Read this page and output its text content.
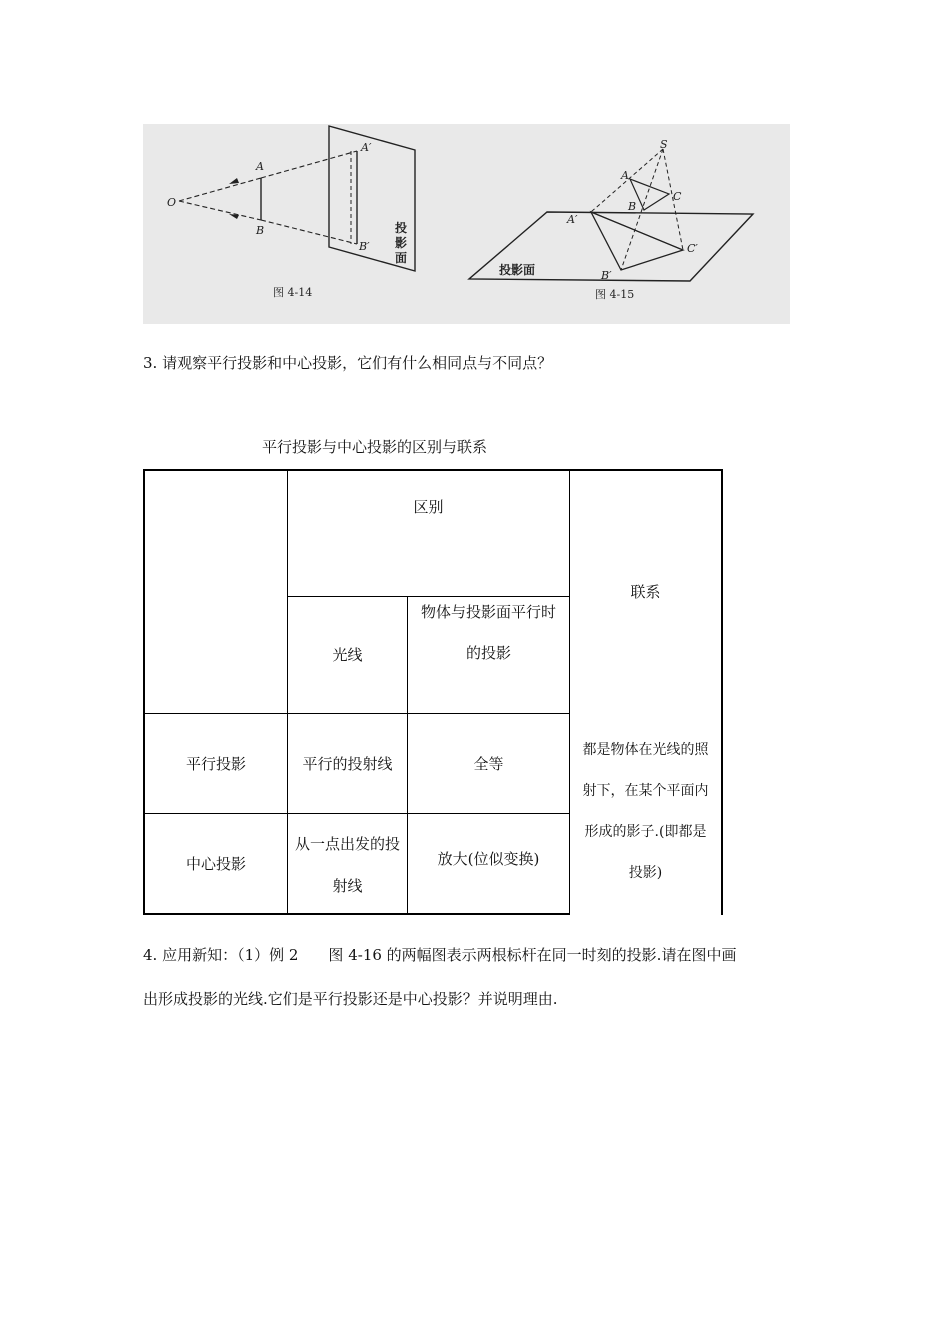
O
A
B
A′
B′
投
影
面
图 4-14
S
A
B
C
A′
B′
C′
投影面
图 4-15
3. 请观察平行投影和中心投影，它们有什么相同点与不同点？
平行投影与中心投影的区别与联系
区别
联系
光线
物体与投影面平行时
的投影
平行投影	平行的投射线	全等
中心投影
从一点出发的投
射线
放大(位似变换)
都是物体在光线的照
射下，在某个平面内
形成的影子.(即都是
投影)
4. 应用新知：（1）例 2　　图 4-16 的两幅图表示两根标杆在同一时刻的投影.请在图中画
出形成投影的光线.它们是平行投影还是中心投影？并说明理由.
